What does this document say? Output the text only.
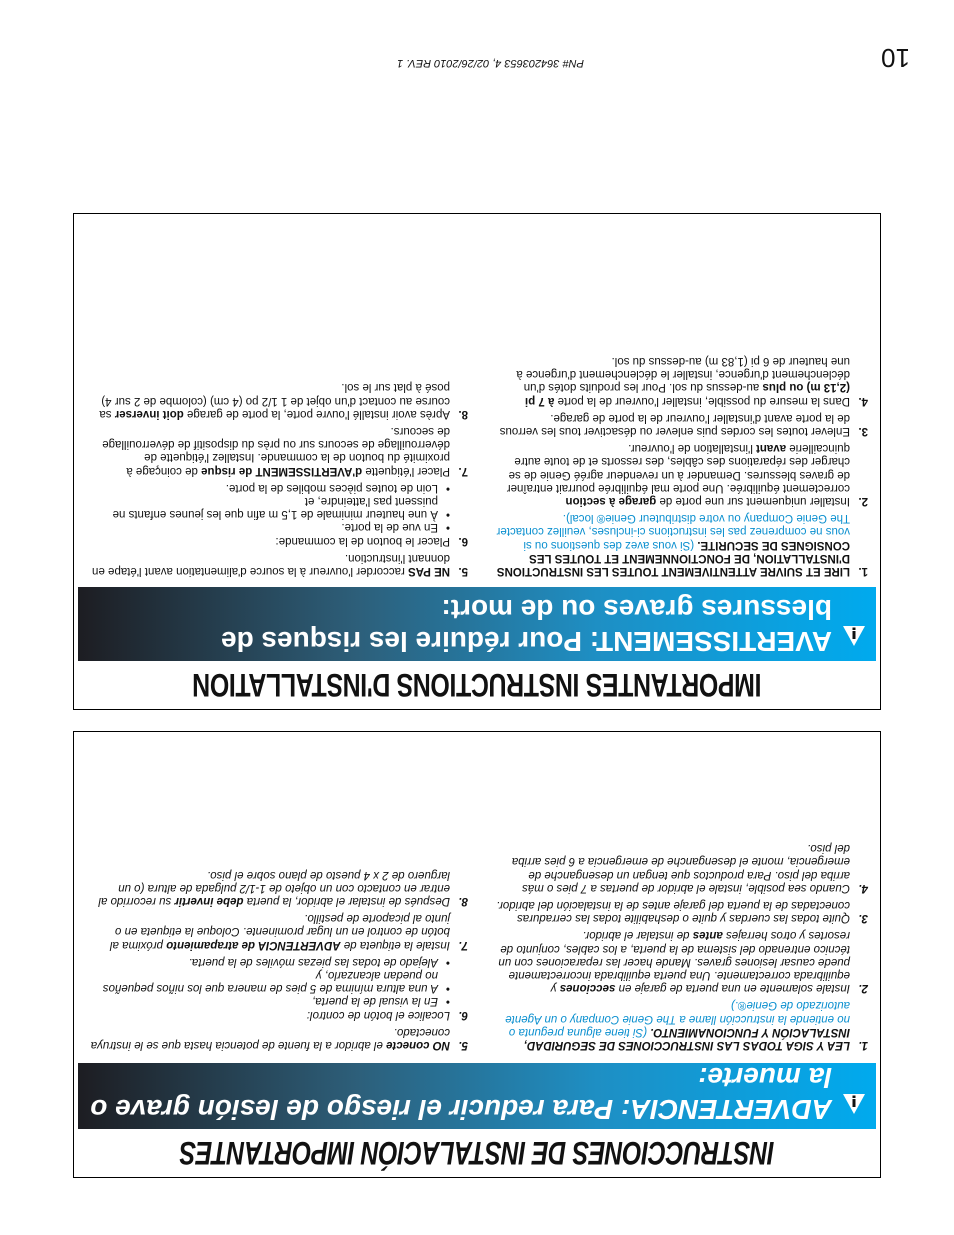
10
PN# 364203653 4, 02/26/2010 REV. 1
IMPORTANTES INSTRUCTIONS D'INSTALLATION
AVERTISSEMENT: Pour réduire les risques de blessures graves ou de mort:
1.
LIRE ET SUIVRE ATTENTIVEMENT TOUTES LES INSTRUCTIONS D'INSTALLATION, DE FONCTIONNEMENT ET TOUTES LES CONSIGNES DE SECURITE. (Si vous avez des questions ou si vous ne comprenez pas les instructions ci-incluses, veuillez contacter The Genie Company ou votre distributeur Genie® local).
2.
Installer uniquement sur une porte de garage à section correctement équilibrée. Une porte mal équilibrée pourrait entraîner de graves blessures. Demander à un revendeur agréé Genie de se charger des réparations des câbles, des ressorts et de toute autre quincaillerie avant l'installation de l'ouvreur.
3.
Enlever toutes les cordes puis enlever ou désactiver tous les verrous de la porte avant d'installer l'ouvreur de la porte de garage.
4.
Dans la mesure du possible, installer l'ouvreur de la porte à 7 pi (2,13 m) ou plus au-dessus du sol. Pour les produits dotés d'un déclenchement d'urgence, installer le déclenchement d'urgence à une hauteur de 6 pi (1,83 m) au-dessus du sol.
5.
NE PAS raccorder l'ouvreur à la source d'alimentation avant l'étape en donnant l'instruction.
6.
Placer le bouton de la commande:
• En vue de la porte.
• À une hauteur minimale de 1,5 m afin que les jeunes enfants ne puissent pas l'atteindre, et
• Loin de toutes pièces mobiles de la porte.
7.
Placer l'étiquette d'AVERTISSEMENT de risque de coinçage à proximité du bouton de la commande. Installez l'étiquette de déverrouillage de secours sur ou près du dispositif de déverrouillage de secours.
8.
Après avoir installé l'ouvre porte, la porte de garage doit inverser sa course au contact d'un objet de 1 1/2 po (4 cm) (colombe de 2 sur 4) posé à plat sur le sol.
INSTRUCCIONES DE INSTALACIÓN IMPORTANTES
ADVERTENCIA: Para reducir el riesgo de lesión grave o la muerte:
1.
LEA Y SIGA TODAS LAS INSTRUCCIONES DE SEGURIDAD, INSTALACIÓN Y FUNCIONAMIENTO. (Si tiene alguna pregunta o no entiende la instrucción llame a The Genie Company o un Agente autorizado de Genie®.)
2.
Instale solamente en una puerta de garaje en secciones y equilibrada correctamente. Una puerta equilibrada incorrectamente puede causar lesiones graves. Mande hacer las reparaciones con un técnico entrenado del sistema de la puerta, a los cables, conjunto de resortes y otros herrajes antes de instalar el abridor.
3.
Quite todas las cuerdas y quite o deshabilite todas las cerraduras conectadas de la puerta del garaje antes de la instalación del abridor.
4.
Cuando sea posible, instale el abridor de puertas a 7 pies o más arriba del piso. Para productos que tengan un desenganche de emergencia, monte el desenganche de emergencia a 6 pies arriba del piso.
5.
NO conecte el abridor a la fuente de potencia hasta que se le instruya conectado.
6.
Localice el botón de control:
• En la visual de la puerta,
• A una altura mínima de 5 pies de manera que los niños pequeños no puedan alcanzarlo, y
• Alejado de todas las piezas móviles de la puerta.
7.
Instale la etiqueta de ADVERTENCIA de atrapamiento próxima al botón de control en un lugar prominente. Coloque la etiqueta en o junto al picaporte de pestillo.
8.
Después de instalar el abridor, la puerta debe invertir su recorrido al entrar en contacto con un objeto de 1-1/2 pulgada de altura (o un larguero de 2 x 4 puesto de plano sobre el piso.
